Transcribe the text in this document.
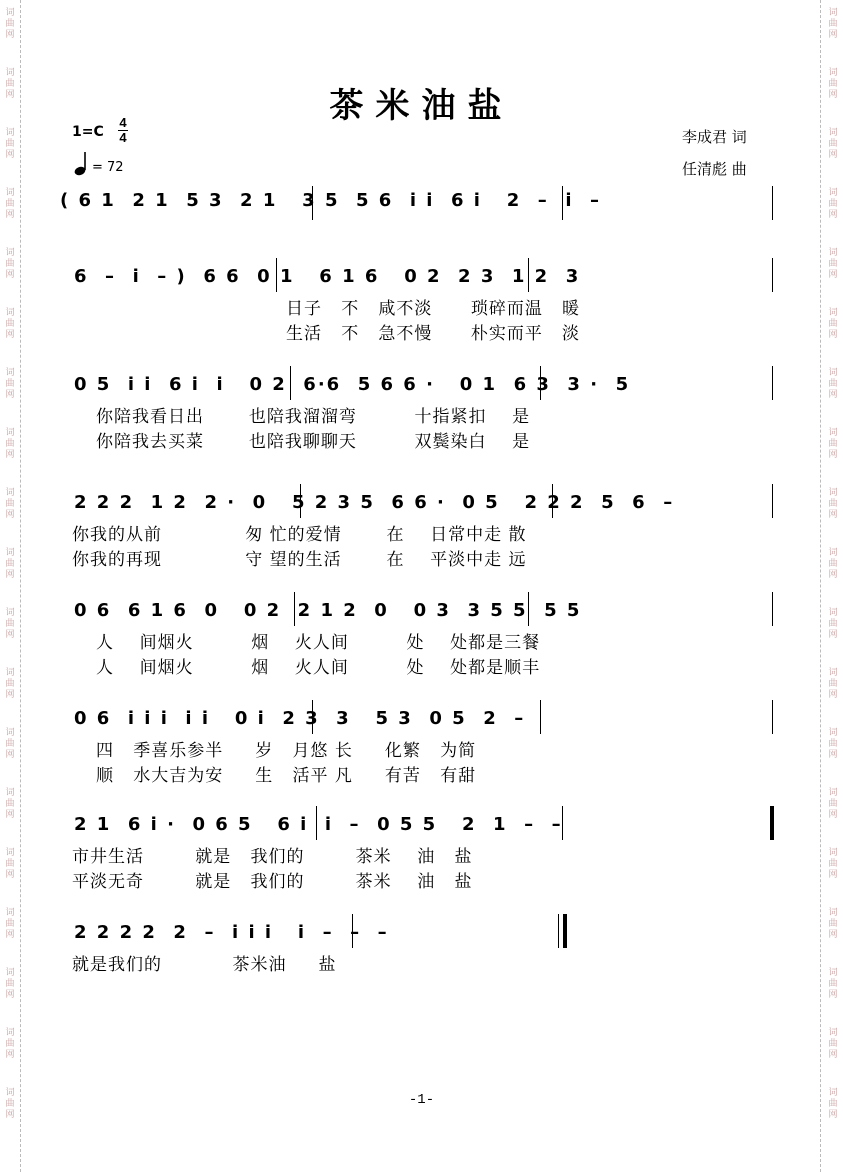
词
曲
网
词
曲
网
词
曲
网
词
曲
网
词
曲
网
词
曲
网
词
曲
网
词
曲
网
词
曲
网
词
曲
网
词
曲
网
词
曲
网
词
曲
网
词
曲
网
词
曲
网
词
曲
网
词
曲
网
词
曲
网
词
曲
网
词
曲
网
词
曲
网
词
曲
网
词
曲
网
词
曲
网
词
曲
网
词
曲
网
词
曲
网
词
曲
网
词
曲
网
词
曲
网
词
曲
网
词
曲
网
词
曲
网
词
曲
网
词
曲
网
词
曲
网
词
曲
网
词
曲
网
茶米油盐
1=C
4
4
= 72
李成君 词
任清彪 曲
( 6 1  2 1  5 3  2 1   3 5  5 6  i i  6 i   2  –  i  –
6  –  i  – )  6 6  0 1   6 1 6   0 2  2 3  1 2  3
日子   不   咸不淡      琐碎而温   暖
生活   不   急不慢      朴实而平   淡
0 5  i i  6 i  i   0 2  6·6  5 6 6 ·   0 1  6 3  3 ·  5
你陪我看日出       也陪我溜溜弯         十指紧扣    是
你陪我去买菜       也陪我聊聊天         双鬓染白    是
2 2 2  1 2  2 ·  0   5 2 3 5  6 6 ·  0 5   2 2 2  5  6  –
你我的从前             匆 忙的爱情       在    日常中走 散
你我的再现             守 望的生活       在    平淡中走 远
0 6  6 1 6  0   0 2  2 1 2  0   0 3  3 5 5  5 5
人    间烟火         烟    火人间         处    处都是三餐
人    间烟火         烟    火人间         处    处都是顺丰
0 6  i i i  i i   0 i  2 3  3   5 3  0 5  2  –
四   季喜乐参半     岁   月悠 长     化繁   为简
顺   水大吉为安     生   活平 凡     有苦   有甜
2 1  6 i ·  0 6 5   6 i  i  –  0 5 5   2  1  –  –
市井生活        就是   我们的        茶米    油   盐
平淡无奇        就是   我们的        茶米    油   盐
2 2 2 2  2  –  i i i   i  –  –  –
就是我们的           茶米油     盐
-1-
